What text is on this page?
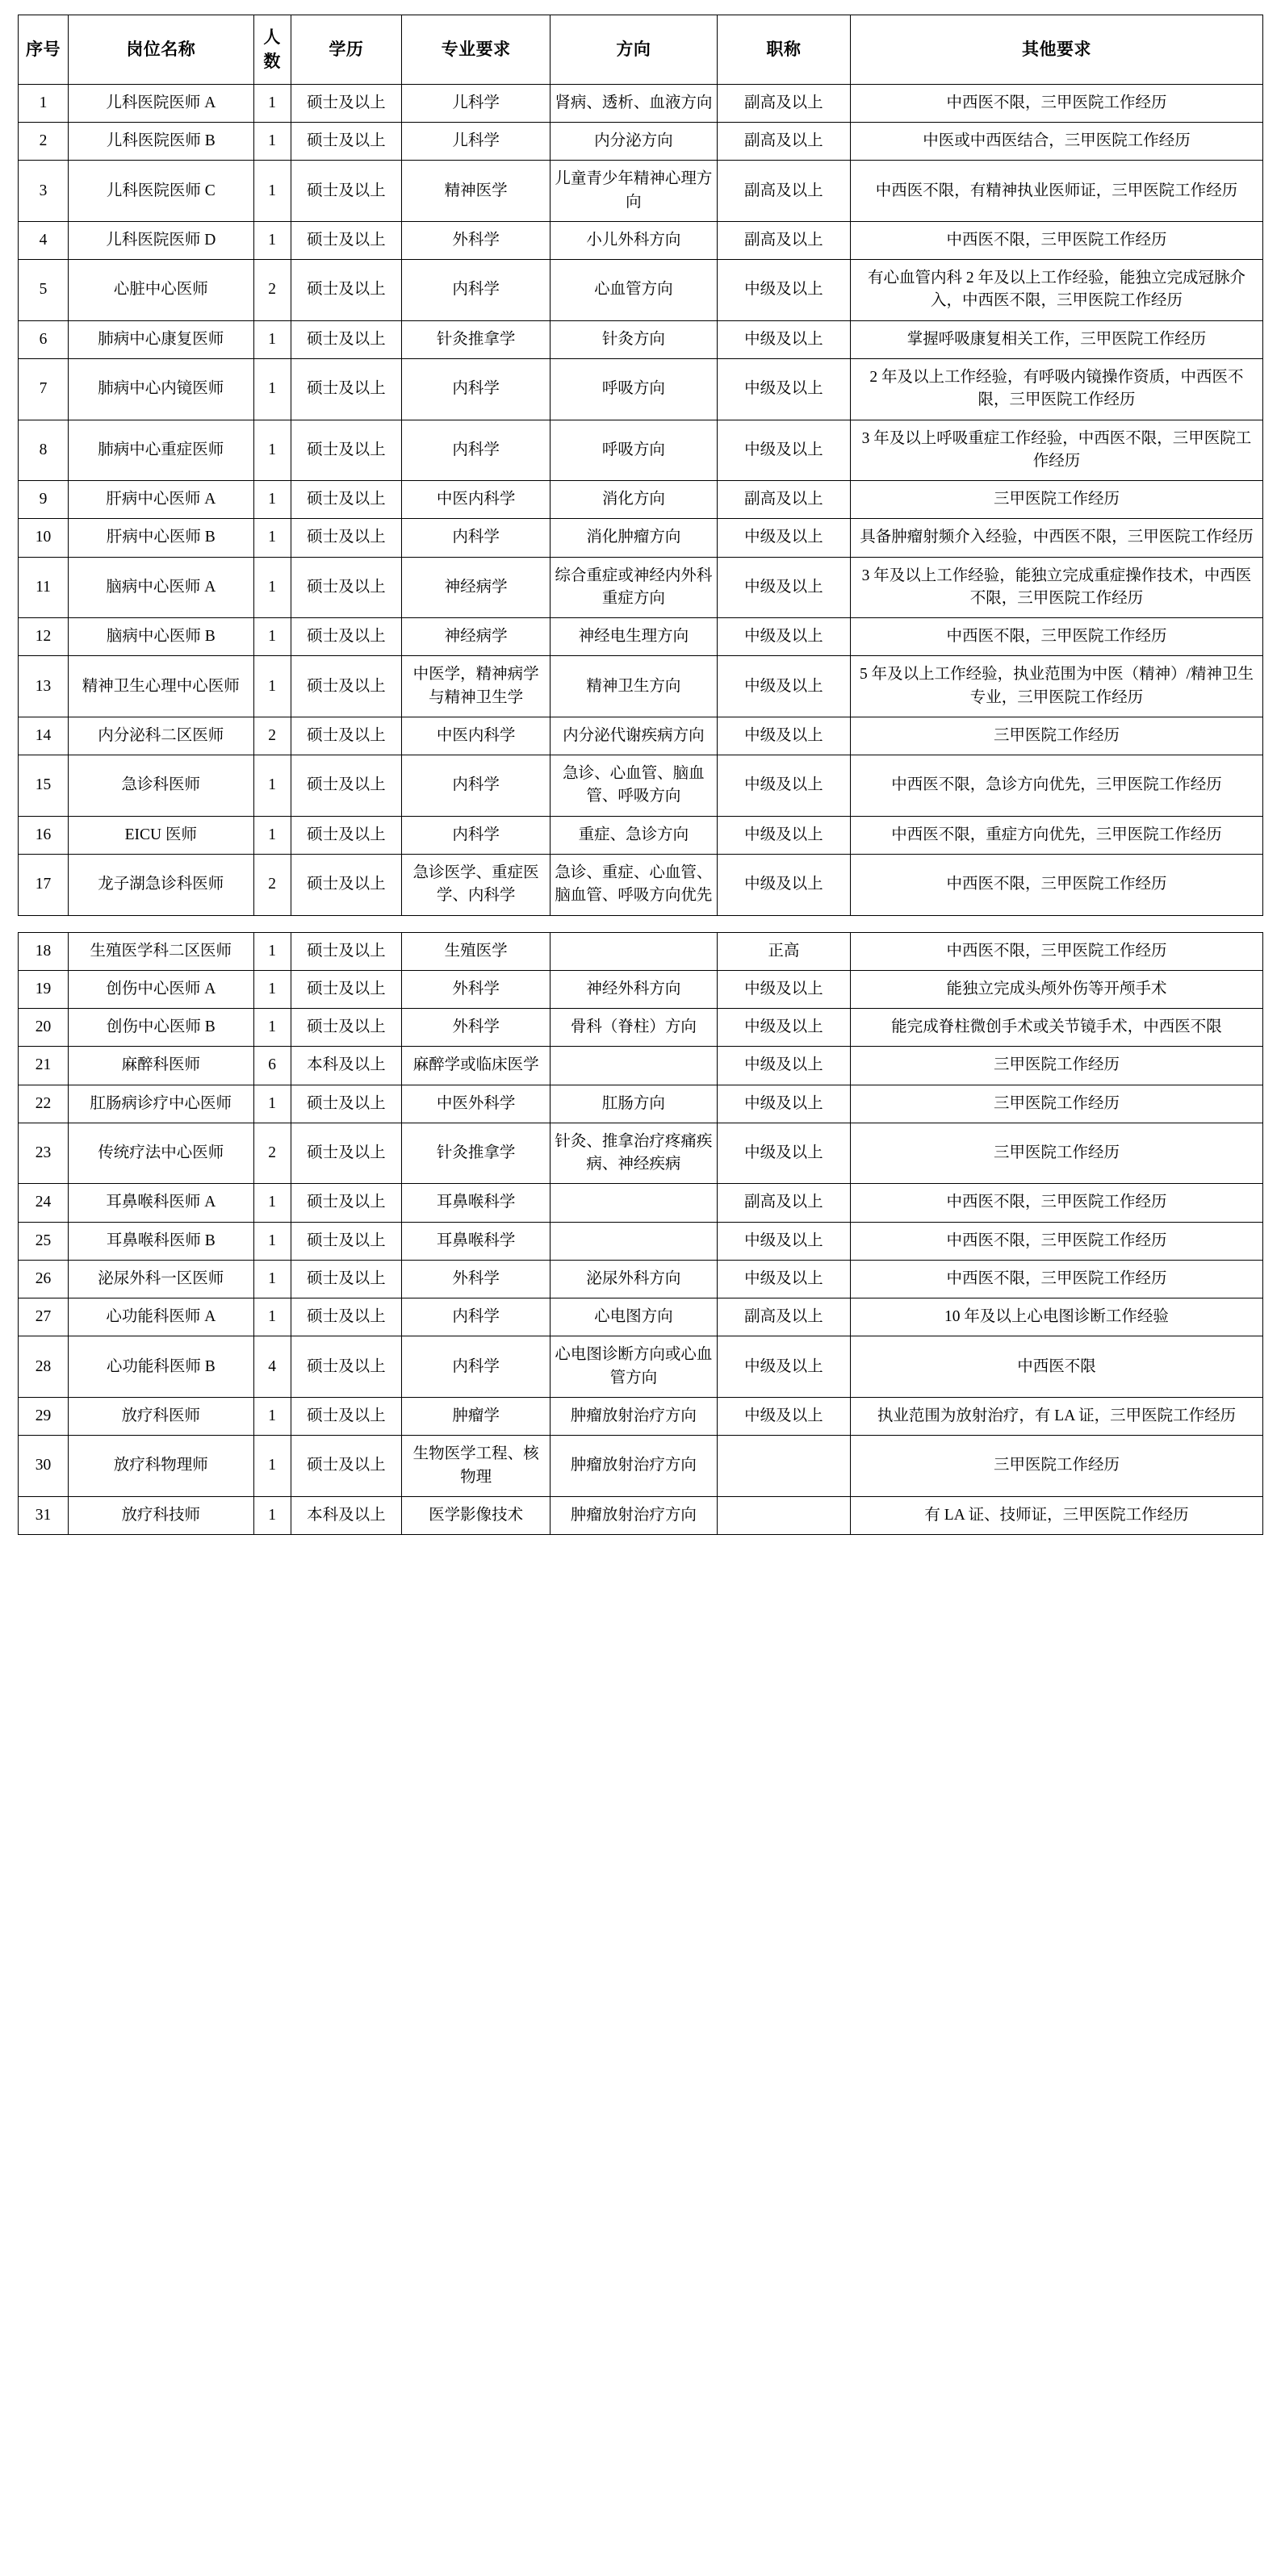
序号	岗位名称	人数	学历	专业要求	方向	职称	其他要求
1	儿科医院医师 A	1	硕士及以上	儿科学	肾病、透析、血液方向	副高及以上	中西医不限，三甲医院工作经历
2	儿科医院医师 B	1	硕士及以上	儿科学	内分泌方向	副高及以上	中医或中西医结合，三甲医院工作经历
3	儿科医院医师 C	1	硕士及以上	精神医学	儿童青少年精神心理方向	副高及以上	中西医不限，有精神执业医师证，三甲医院工作经历
4	儿科医院医师 D	1	硕士及以上	外科学	小儿外科方向	副高及以上	中西医不限，三甲医院工作经历
5	心脏中心医师	2	硕士及以上	内科学	心血管方向	中级及以上	有心血管内科 2 年及以上工作经验，能独立完成冠脉介入，中西医不限，三甲医院工作经历
6	肺病中心康复医师	1	硕士及以上	针灸推拿学	针灸方向	中级及以上	掌握呼吸康复相关工作，三甲医院工作经历
7	肺病中心内镜医师	1	硕士及以上	内科学	呼吸方向	中级及以上	2 年及以上工作经验，有呼吸内镜操作资质，中西医不限，三甲医院工作经历
8	肺病中心重症医师	1	硕士及以上	内科学	呼吸方向	中级及以上	3 年及以上呼吸重症工作经验，中西医不限，三甲医院工作经历
9	肝病中心医师 A	1	硕士及以上	中医内科学	消化方向	副高及以上	三甲医院工作经历
10	肝病中心医师 B	1	硕士及以上	内科学	消化肿瘤方向	中级及以上	具备肿瘤射频介入经验，中西医不限，三甲医院工作经历
11	脑病中心医师 A	1	硕士及以上	神经病学	综合重症或神经内外科重症方向	中级及以上	3 年及以上工作经验，能独立完成重症操作技术，中西医不限，三甲医院工作经历
12	脑病中心医师 B	1	硕士及以上	神经病学	神经电生理方向	中级及以上	中西医不限，三甲医院工作经历
13	精神卫生心理中心医师	1	硕士及以上	中医学，精神病学与精神卫生学	精神卫生方向	中级及以上	5 年及以上工作经验，执业范围为中医（精神）/精神卫生专业，三甲医院工作经历
14	内分泌科二区医师	2	硕士及以上	中医内科学	内分泌代谢疾病方向	中级及以上	三甲医院工作经历
15	急诊科医师	1	硕士及以上	内科学	急诊、心血管、脑血管、呼吸方向	中级及以上	中西医不限，急诊方向优先，三甲医院工作经历
16	EICU 医师	1	硕士及以上	内科学	重症、急诊方向	中级及以上	中西医不限，重症方向优先，三甲医院工作经历
17	龙子湖急诊科医师	2	硕士及以上	急诊医学、重症医学、内科学	急诊、重症、心血管、脑血管、呼吸方向优先	中级及以上	中西医不限，三甲医院工作经历
18	生殖医学科二区医师	1	硕士及以上	生殖医学		正高	中西医不限，三甲医院工作经历
19	创伤中心医师 A	1	硕士及以上	外科学	神经外科方向	中级及以上	能独立完成头颅外伤等开颅手术
20	创伤中心医师 B	1	硕士及以上	外科学	骨科（脊柱）方向	中级及以上	能完成脊柱微创手术或关节镜手术，中西医不限
21	麻醉科医师	6	本科及以上	麻醉学或临床医学		中级及以上	三甲医院工作经历
22	肛肠病诊疗中心医师	1	硕士及以上	中医外科学	肛肠方向	中级及以上	三甲医院工作经历
23	传统疗法中心医师	2	硕士及以上	针灸推拿学	针灸、推拿治疗疼痛疾病、神经疾病	中级及以上	三甲医院工作经历
24	耳鼻喉科医师 A	1	硕士及以上	耳鼻喉科学		副高及以上	中西医不限，三甲医院工作经历
25	耳鼻喉科医师 B	1	硕士及以上	耳鼻喉科学		中级及以上	中西医不限，三甲医院工作经历
26	泌尿外科一区医师	1	硕士及以上	外科学	泌尿外科方向	中级及以上	中西医不限，三甲医院工作经历
27	心功能科医师 A	1	硕士及以上	内科学	心电图方向	副高及以上	10 年及以上心电图诊断工作经验
28	心功能科医师 B	4	硕士及以上	内科学	心电图诊断方向或心血管方向	中级及以上	中西医不限
29	放疗科医师	1	硕士及以上	肿瘤学	肿瘤放射治疗方向	中级及以上	执业范围为放射治疗，有 LA 证，三甲医院工作经历
30	放疗科物理师	1	硕士及以上	生物医学工程、核物理	肿瘤放射治疗方向		三甲医院工作经历
31	放疗科技师	1	本科及以上	医学影像技术	肿瘤放射治疗方向		有 LA 证、技师证，三甲医院工作经历
